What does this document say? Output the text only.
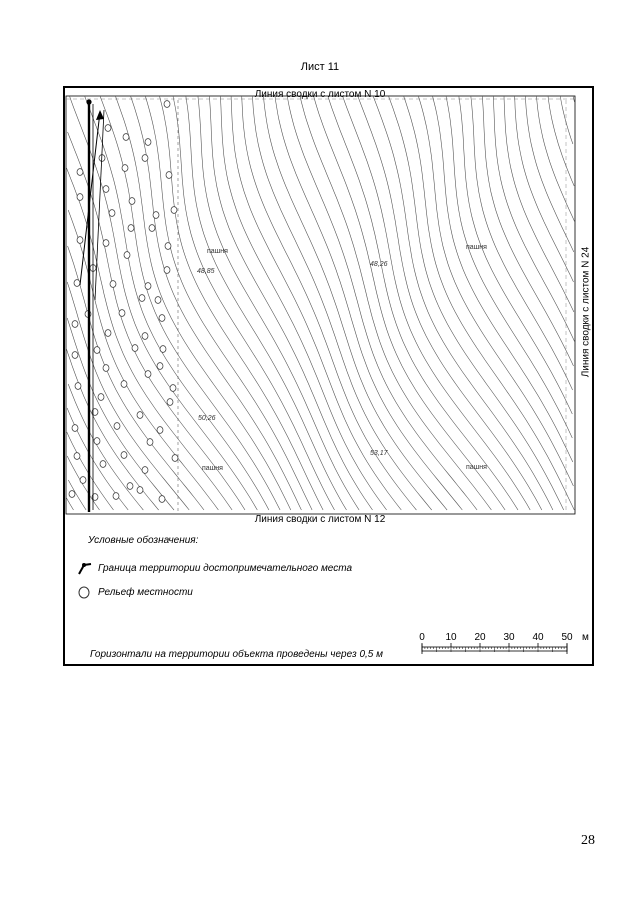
Лист 11
пашня
пашня
пашня	пашня
48,85
48,26
50,26
53,17
Линия сводки с листом N 10
Линия сводки с листом N 12
Линия сводки с листом N 24
Условные обозначения:
Граница территории достопримечательного места
Рельеф местности
Горизонтали на территории объекта проведены через 0,5 м
0 10 20 30 40 50 м
28
